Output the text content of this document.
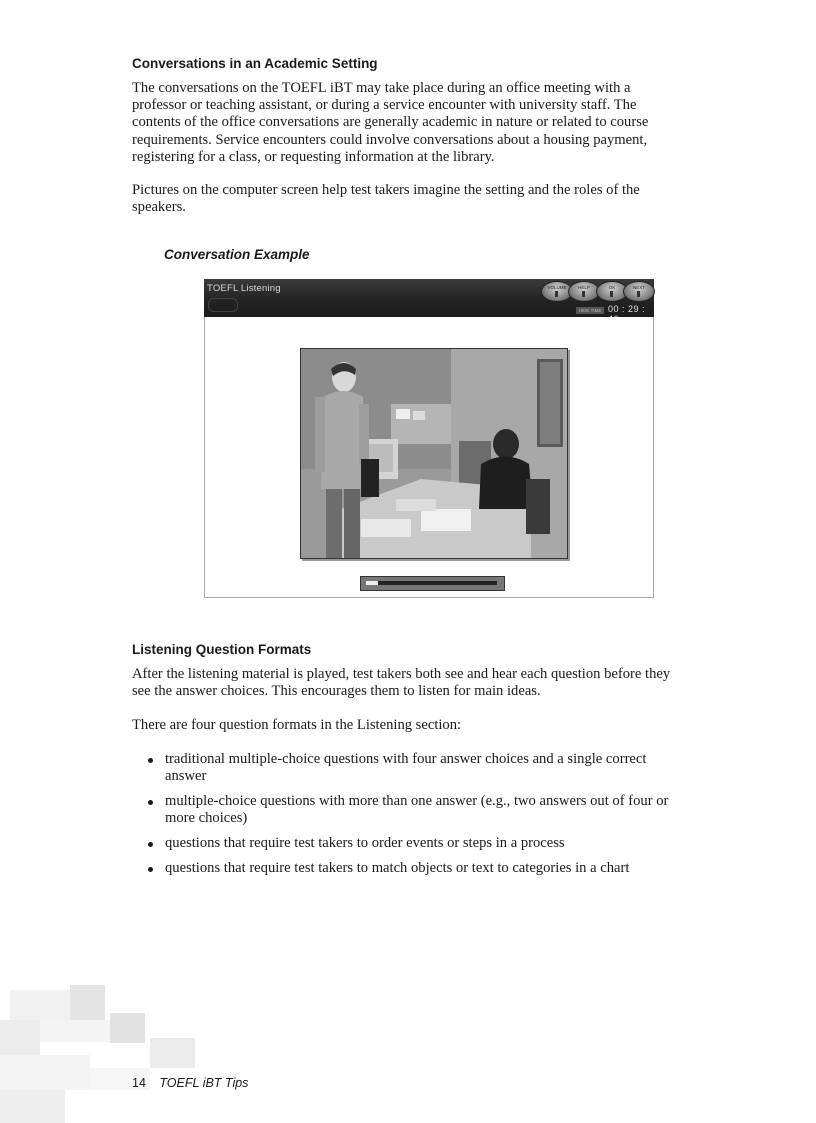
Conversations in an Academic Setting

The conversations on the TOEFL iBT may take place during an office meeting with a
professor or teaching assistant, or during a service encounter with university staff. The
contents of the office conversations are generally academic in nature or related to course
requirements. Service encounters could involve conversations about a housing payment,
registering for a class, or requesting information at the library.

Pictures on the computer screen help test takers imagine the setting and the roles of the
speakers.

Conversation Example

TOEFL Listening	VOLUME	HELP	OK	NEXT
HIDE TIME 00 : 29 :
Listening Question Formats

After the listening material is played, test takers both see and hear each question before they
see the answer choices. This encourages them to listen for main ideas.

There are four question formats in the Listening section:

traditional multiple-choice questions with four answer choices and a single correct
answer
multiple-choice questions with more than one answer (e.g., two answers out of four or
more choices)
questions that require test takers to order events or steps in a process
questions that require test takers to match objects or text to categories in a chart
14 TOEFL iBT Tips
